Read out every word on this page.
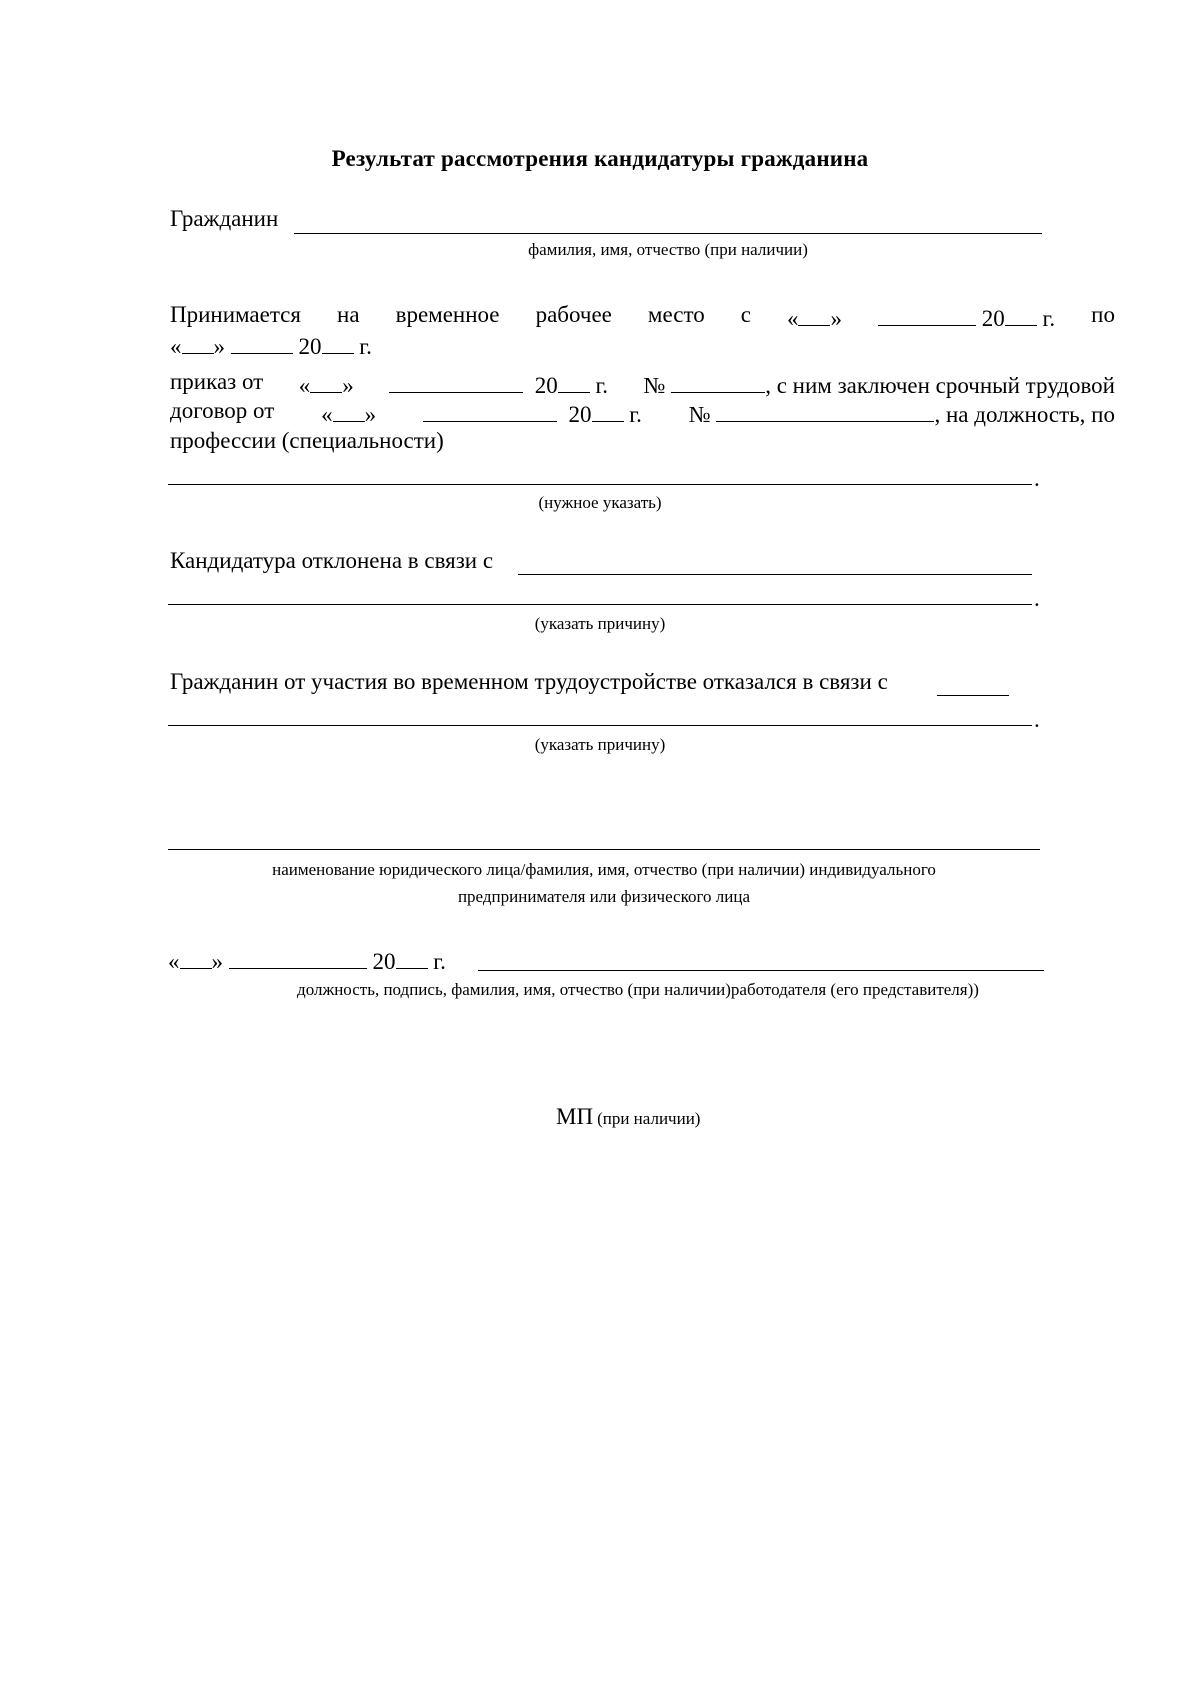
Результат рассмотрения кандидатуры гражданина
Гражданин
фамилия, имя, отчество (при наличии)
Принимается на временное рабочее место с « »	20 г. по
« »	20 г.
приказ от « »	20 г. №	, с ним заключен срочный трудовой
договор от « »	20 г. №	, на должность, по
профессии (специальности)
.
(нужное указать)
Кандидатура отклонена в связи с
.
(указать причину)
Гражданин от участия во временном трудоустройстве отказался в связи с
.
(указать причину)
наименование юридического лица/фамилия, имя, отчество (при наличии) индивидуального
предпринимателя или физического лица
« »	20 г.
должность, подпись, фамилия, имя, отчество (при наличии)работодателя (его представителя))
МП (при наличии)
